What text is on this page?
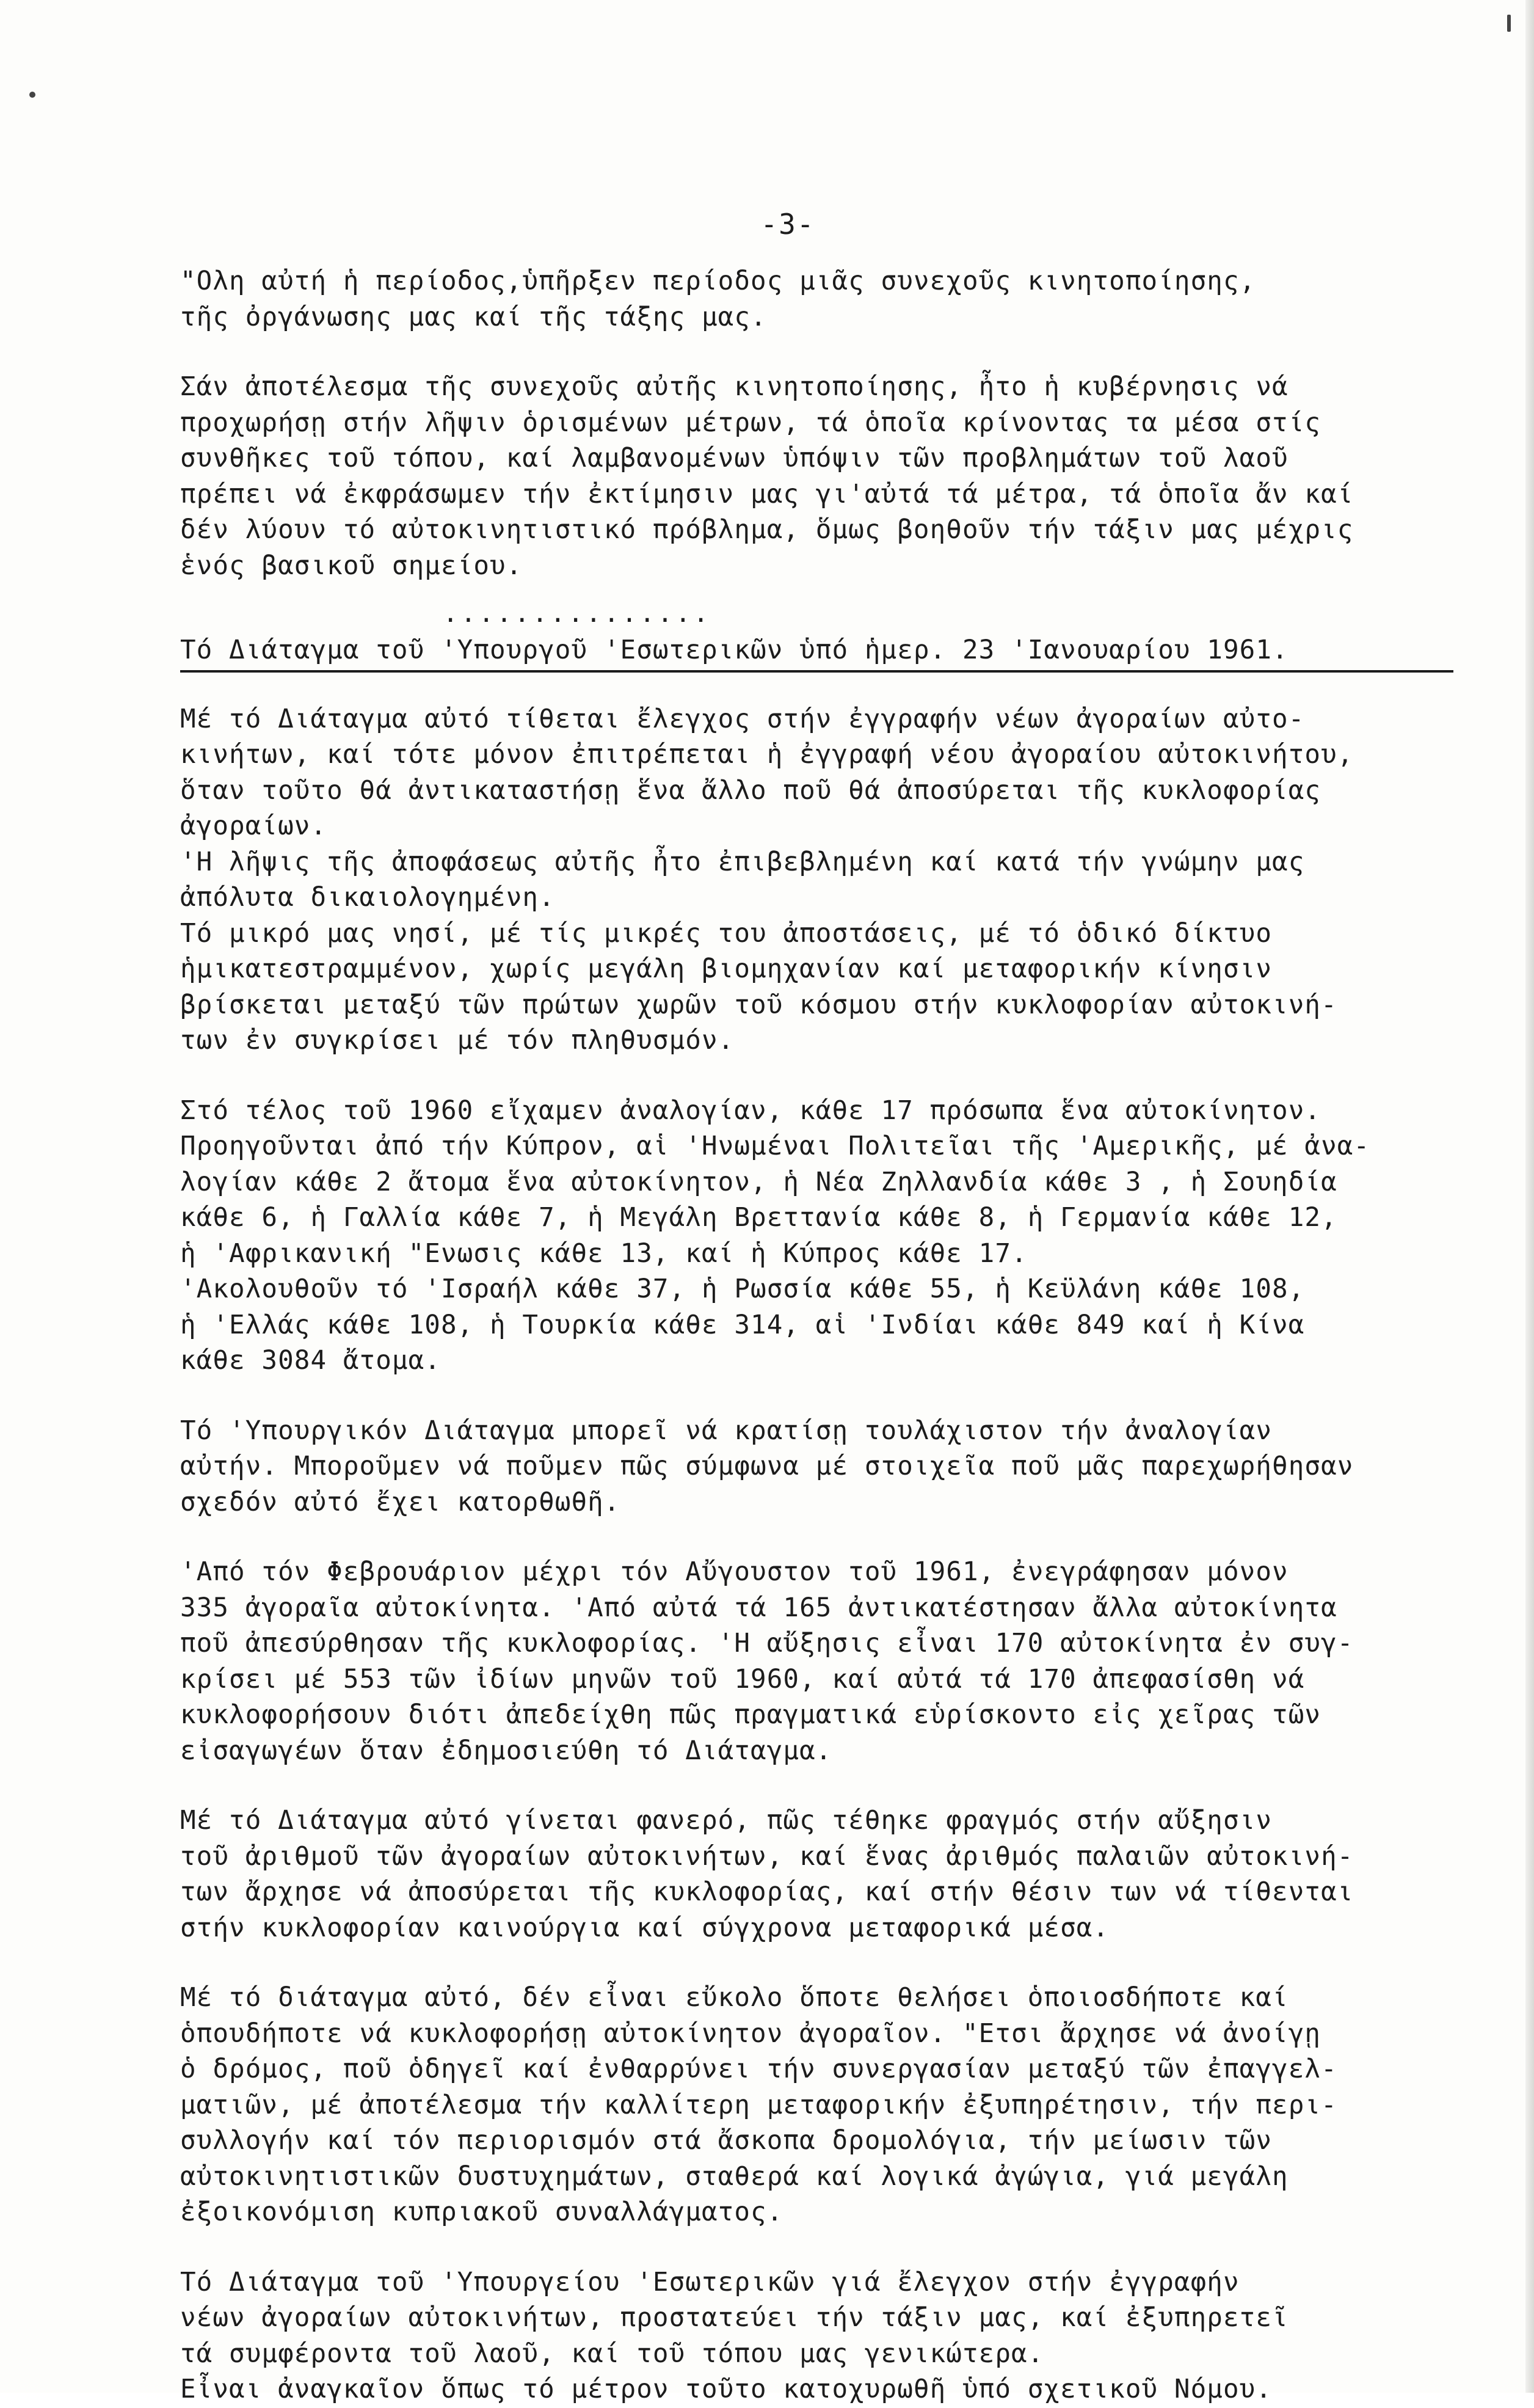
-3-

"Ολη αὐτή ἡ περίοδος,ὑπῆρξεν περίοδος μιᾶς συνεχοῦς κινητοποίησης,
τῆς ὀργάνωσης μας καί τῆς τάξης μας.

Σάν ἀποτέλεσμα τῆς συνεχοῦς αὐτῆς κινητοποίησης, ἦτο ἡ κυβέρνησις νά
προχωρήσῃ στήν λῆψιν ὁρισμένων μέτρων, τά ὁποῖα κρίνοντας τα μέσα στίς
συνθῆκες τοῦ τόπου, καί λαμβανομένων ὑπόψιν τῶν προβλημάτων τοῦ λαοῦ
πρέπει νά ἐκφράσωμεν τήν ἐκτίμησιν μας γι'αὐτά τά μέτρα, τά ὁποῖα ἄν καί
δέν λύουν τό αὐτοκινητιστικό πρόβλημα, ὅμως βοηθοῦν τήν τάξιν μας μέχρις
ἑνός βασικοῦ σημείου.

...............
Τό Διάταγμα τοῦ 'Υπουργοῦ 'Εσωτερικῶν ὑπό ἡμερ. 23 'Ιανουαρίου 1961.

Μέ τό Διάταγμα αὐτό τίθεται ἔλεγχος στήν ἐγγραφήν νέων ἀγοραίων αὐτο-
κινήτων, καί τότε μόνον ἐπιτρέπεται ἡ ἐγγραφή νέου ἀγοραίου αὐτοκινήτου,
ὅταν τοῦτο θά ἀντικαταστήσῃ ἕνα ἄλλο ποῦ θά ἀποσύρεται τῆς κυκλοφορίας
ἀγοραίων.
'Η λῆψις τῆς ἀποφάσεως αὐτῆς ἦτο ἐπιβεβλημένη καί κατά τήν γνώμην μας
ἀπόλυτα δικαιολογημένη.
Τό μικρό μας νησί, μέ τίς μικρές του ἀποστάσεις, μέ τό ὁδικό δίκτυο
ἡμικατεστραμμένον, χωρίς μεγάλη βιομηχανίαν καί μεταφορικήν κίνησιν
βρίσκεται μεταξύ τῶν πρώτων χωρῶν τοῦ κόσμου στήν κυκλοφορίαν αὐτοκινή-
των ἐν συγκρίσει μέ τόν πληθυσμόν.

Στό τέλος τοῦ 1960 εἴχαμεν ἀναλογίαν, κάθε 17 πρόσωπα ἕνα αὐτοκίνητον.
Προηγοῦνται ἀπό τήν Κύπρον, αἱ 'Ηνωμέναι Πολιτεῖαι τῆς 'Αμερικῆς, μέ ἀνα-
λογίαν κάθε 2 ἄτομα ἕνα αὐτοκίνητον, ἡ Νέα Ζηλλανδία κάθε 3 , ἡ Σουηδία
κάθε 6, ἡ Γαλλία κάθε 7, ἡ Μεγάλη Βρεττανία κάθε 8, ἡ Γερμανία κάθε 12,
ἡ 'Αφρικανική "Ενωσις κάθε 13, καί ἡ Κύπρος κάθε 17.
'Ακολουθοῦν τό 'Ισραήλ κάθε 37, ἡ Ρωσσία κάθε 55, ἡ Κεϋλάνη κάθε 108,
ἡ 'Ελλάς κάθε 108, ἡ Τουρκία κάθε 314, αἱ 'Ινδίαι κάθε 849 καί ἡ Κίνα
κάθε 3084 ἄτομα.

Τό 'Υπουργικόν Διάταγμα μπορεῖ νά κρατίσῃ τουλάχιστον τήν ἀναλογίαν
αὐτήν. Μποροῦμεν νά ποῦμεν πῶς σύμφωνα μέ στοιχεῖα ποῦ μᾶς παρεχωρήθησαν
σχεδόν αὐτό ἔχει κατορθωθῆ.

'Από τόν Φεβρουάριον μέχρι τόν Αὔγουστον τοῦ 1961, ἐνεγράφησαν μόνον
335 ἀγοραῖα αὐτοκίνητα. 'Από αὐτά τά 165 ἀντικατέστησαν ἄλλα αὐτοκίνητα
ποῦ ἀπεσύρθησαν τῆς κυκλοφορίας. 'Η αὔξησις εἶναι 170 αὐτοκίνητα ἐν συγ-
κρίσει μέ 553 τῶν ἰδίων μηνῶν τοῦ 1960, καί αὐτά τά 170 ἀπεφασίσθη νά
κυκλοφορήσουν διότι ἀπεδείχθη πῶς πραγματικά εὑρίσκοντο εἰς χεῖρας τῶν
εἰσαγωγέων ὅταν ἐδημοσιεύθη τό Διάταγμα.

Μέ τό Διάταγμα αὐτό γίνεται φανερό, πῶς τέθηκε φραγμός στήν αὔξησιν
τοῦ ἀριθμοῦ τῶν ἀγοραίων αὐτοκινήτων, καί ἕνας ἀριθμός παλαιῶν αὐτοκινή-
των ἄρχησε νά ἀποσύρεται τῆς κυκλοφορίας, καί στήν θέσιν των νά τίθενται
στήν κυκλοφορίαν καινούργια καί σύγχρονα μεταφορικά μέσα.

Μέ τό διάταγμα αὐτό, δέν εἶναι εὔκολο ὅποτε θελήσει ὁποιοσδήποτε καί
ὁπουδήποτε νά κυκλοφορήσῃ αὐτοκίνητον ἀγοραῖον. "Ετσι ἄρχησε νά ἀνοίγῃ
ὁ δρόμος, ποῦ ὁδηγεῖ καί ἐνθαρρύνει τήν συνεργασίαν μεταξύ τῶν ἐπαγγελ-
ματιῶν, μέ ἀποτέλεσμα τήν καλλίτερη μεταφορικήν ἐξυπηρέτησιν, τήν περι-
συλλογήν καί τόν περιορισμόν στά ἄσκοπα δρομολόγια, τήν μείωσιν τῶν
αὐτοκινητιστικῶν δυστυχημάτων, σταθερά καί λογικά ἀγώγια, γιά μεγάλη
ἐξοικονόμιση κυπριακοῦ συναλλάγματος.

Τό Διάταγμα τοῦ 'Υπουργείου 'Εσωτερικῶν γιά ἔλεγχον στήν ἐγγραφήν
νέων ἀγοραίων αὐτοκινήτων, προστατεύει τήν τάξιν μας, καί ἐξυπηρετεῖ
τά συμφέροντα τοῦ λαοῦ, καί τοῦ τόπου μας γενικώτερα.
Εἶναι ἀναγκαῖον ὅπως τό μέτρον τοῦτο κατοχυρωθῆ ὑπό σχετικοῦ Νόμου.
